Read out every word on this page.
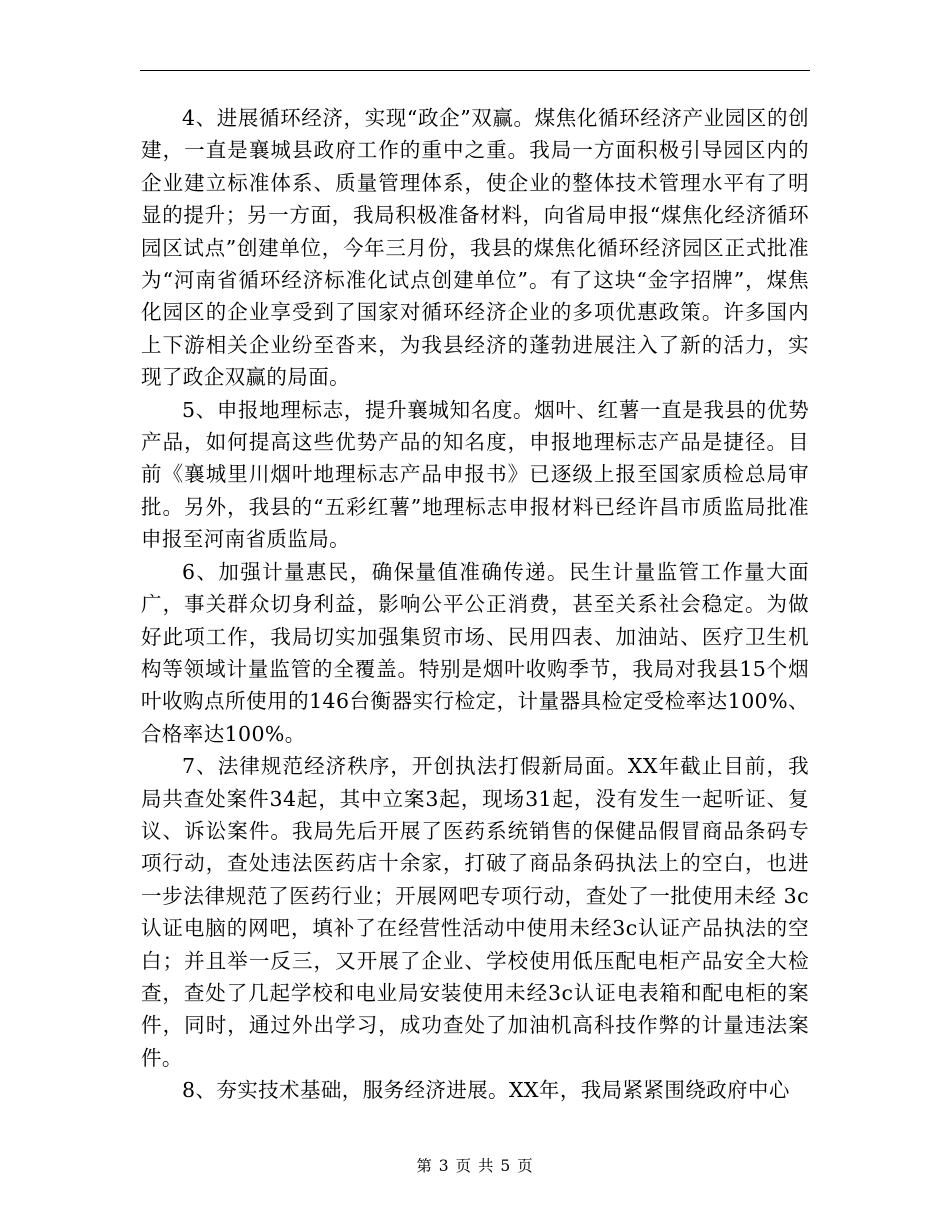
4、进展循环经济，实现“政企”双赢。煤焦化循环经济产业园区的创建，一直是襄城县政府工作的重中之重。我局一方面积极引导园区内的企业建立标准体系、质量管理体系，使企业的整体技术管理水平有了明显的提升；另一方面，我局积极准备材料，向省局申报“煤焦化经济循环园区试点”创建单位，今年三月份，我县的煤焦化循环经济园区正式批准为“河南省循环经济标准化试点创建单位”。有了这块“金字招牌”，煤焦化园区的企业享受到了国家对循环经济企业的多项优惠政策。许多国内上下游相关企业纷至沓来，为我县经济的蓬勃进展注入了新的活力，实现了政企双赢的局面。

5、申报地理标志，提升襄城知名度。烟叶、红薯一直是我县的优势产品，如何提高这些优势产品的知名度，申报地理标志产品是捷径。目前《襄城里川烟叶地理标志产品申报书》已逐级上报至国家质检总局审批。另外，我县的“五彩红薯”地理标志申报材料已经许昌市质监局批准申报至河南省质监局。

6、加强计量惠民，确保量值准确传递。民生计量监管工作量大面广，事关群众切身利益，影响公平公正消费，甚至关系社会稳定。为做好此项工作，我局切实加强集贸市场、民用四表、加油站、医疗卫生机构等领域计量监管的全覆盖。特别是烟叶收购季节，我局对我县15个烟叶收购点所使用的146台衡器实行检定，计量器具检定受检率达100%、合格率达100%。

7、法律规范经济秩序，开创执法打假新局面。XX年截止目前，我局共查处案件34起，其中立案3起，现场31起，没有发生一起听证、复议、诉讼案件。我局先后开展了医药系统销售的保健品假冒商品条码专项行动，查处违法医药店十余家，打破了商品条码执法上的空白，也进一步法律规范了医药行业；开展网吧专项行动，查处了一批使用未经 3c认证电脑的网吧，填补了在经营性活动中使用未经3c认证产品执法的空白；并且举一反三，又开展了企业、学校使用低压配电柜产品安全大检查，查处了几起学校和电业局安装使用未经3c认证电表箱和配电柜的案件，同时，通过外出学习，成功查处了加油机高科技作弊的计量违法案件。

8、夯实技术基础，服务经济进展。XX年，我局紧紧围绕政府中心

第 3 页 共 5 页
